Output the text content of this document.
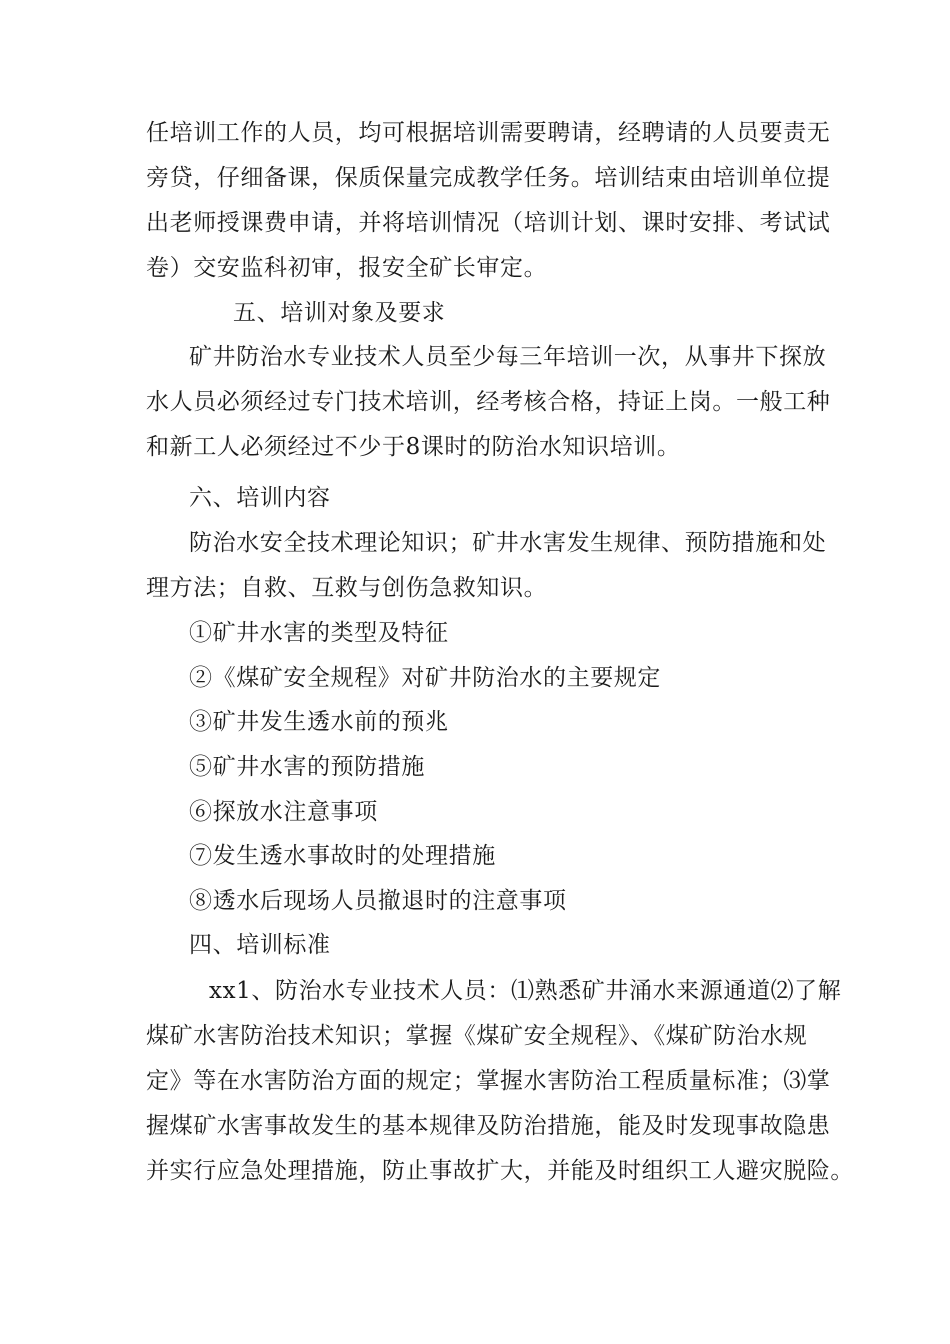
任培训工作的人员，均可根据培训需要聘请，经聘请的人员要责无
旁贷，仔细备课，保质保量完成教学任务。培训结束由培训单位提
出老师授课费申请，并将培训情况（培训计划、课时安排、考试试
卷）交安监科初审，报安全矿长审定。
五、培训对象及要求
矿井防治水专业技术人员至少每三年培训一次，从事井下探放
水人员必须经过专门技术培训，经考核合格，持证上岗。一般工种
和新工人必须经过不少于8课时的防治水知识培训。
六、培训内容
防治水安全技术理论知识；矿井水害发生规律、预防措施和处
理方法；自救、互救与创伤急救知识。
①矿井水害的类型及特征
②《煤矿安全规程》对矿井防治水的主要规定
③矿井发生透水前的预兆
⑤矿井水害的预防措施
⑥探放水注意事项
⑦发生透水事故时的处理措施
⑧透水后现场人员撤退时的注意事项
四、培训标准
xx1、防治水专业技术人员：⑴熟悉矿井涌水来源通道⑵了解
煤矿水害防治技术知识；掌握《煤矿安全规程》、《煤矿防治水规
定》等在水害防治方面的规定；掌握水害防治工程质量标准；⑶掌
握煤矿水害事故发生的基本规律及防治措施，能及时发现事故隐患
并实行应急处理措施，防止事故扩大，并能及时组织工人避灾脱险。
